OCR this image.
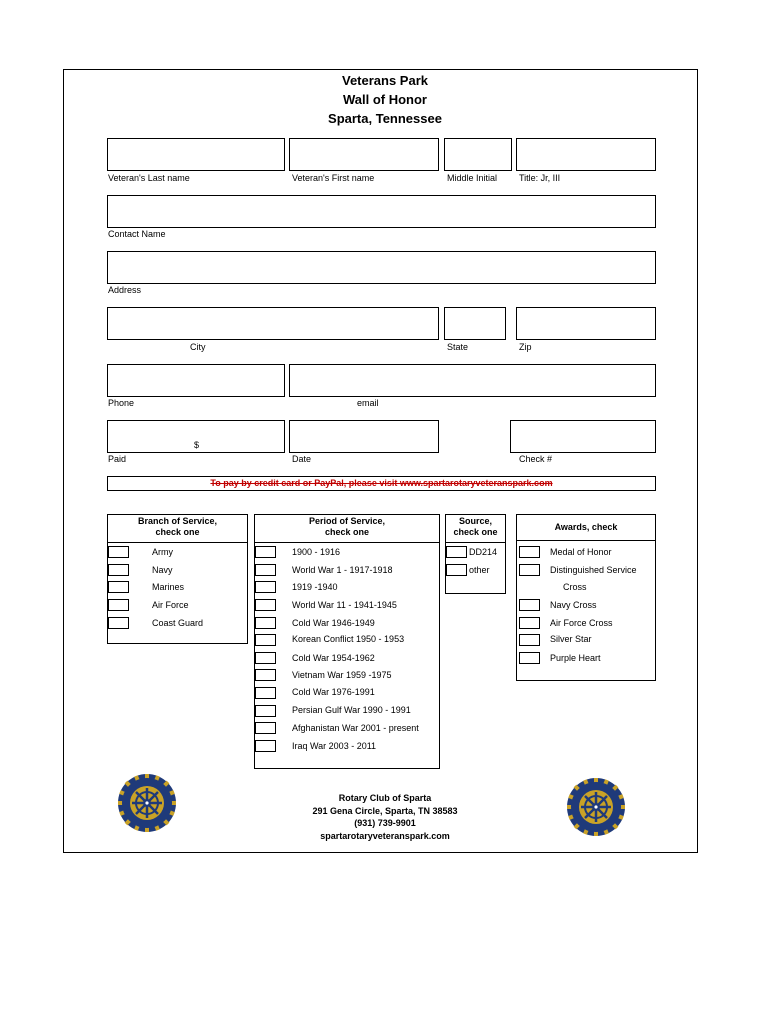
Veterans Park
Wall of Honor
Sparta, Tennessee
Veteran's Last name	Veteran's First name	Middle Initial Title: Jr, III
Contact Name
Address
City	State	Zip
Phone	email
$
Paid	Date	Check #
To pay by credit card or PayPal, please visit www.spartarotaryveteranspark.com
Branch of Service,
check one
Army
Navy
Marines
Air Force
Coast Guard
Period of Service,
check one
1900 - 1916
World War 1 - 1917-1918
1919 -1940
World War 11 - 1941-1945
Cold War 1946-1949
Korean Conflict 1950 - 1953
Cold War 1954-1962
Vietnam War 1959 -1975
Cold War 1976-1991
Persian Gulf War 1990 - 1991
Afghanistan War 2001 - present
Iraq War 2003 - 2011
Source,
check one
DD214
other
Awards, check
Medal of Honor
Distinguished Service
Cross
Navy Cross
Air Force Cross
Silver Star
Purple Heart
Rotary Club of Sparta
291 Gena Circle, Sparta, TN 38583
(931) 739-9901
spartarotaryveteranspark.com
